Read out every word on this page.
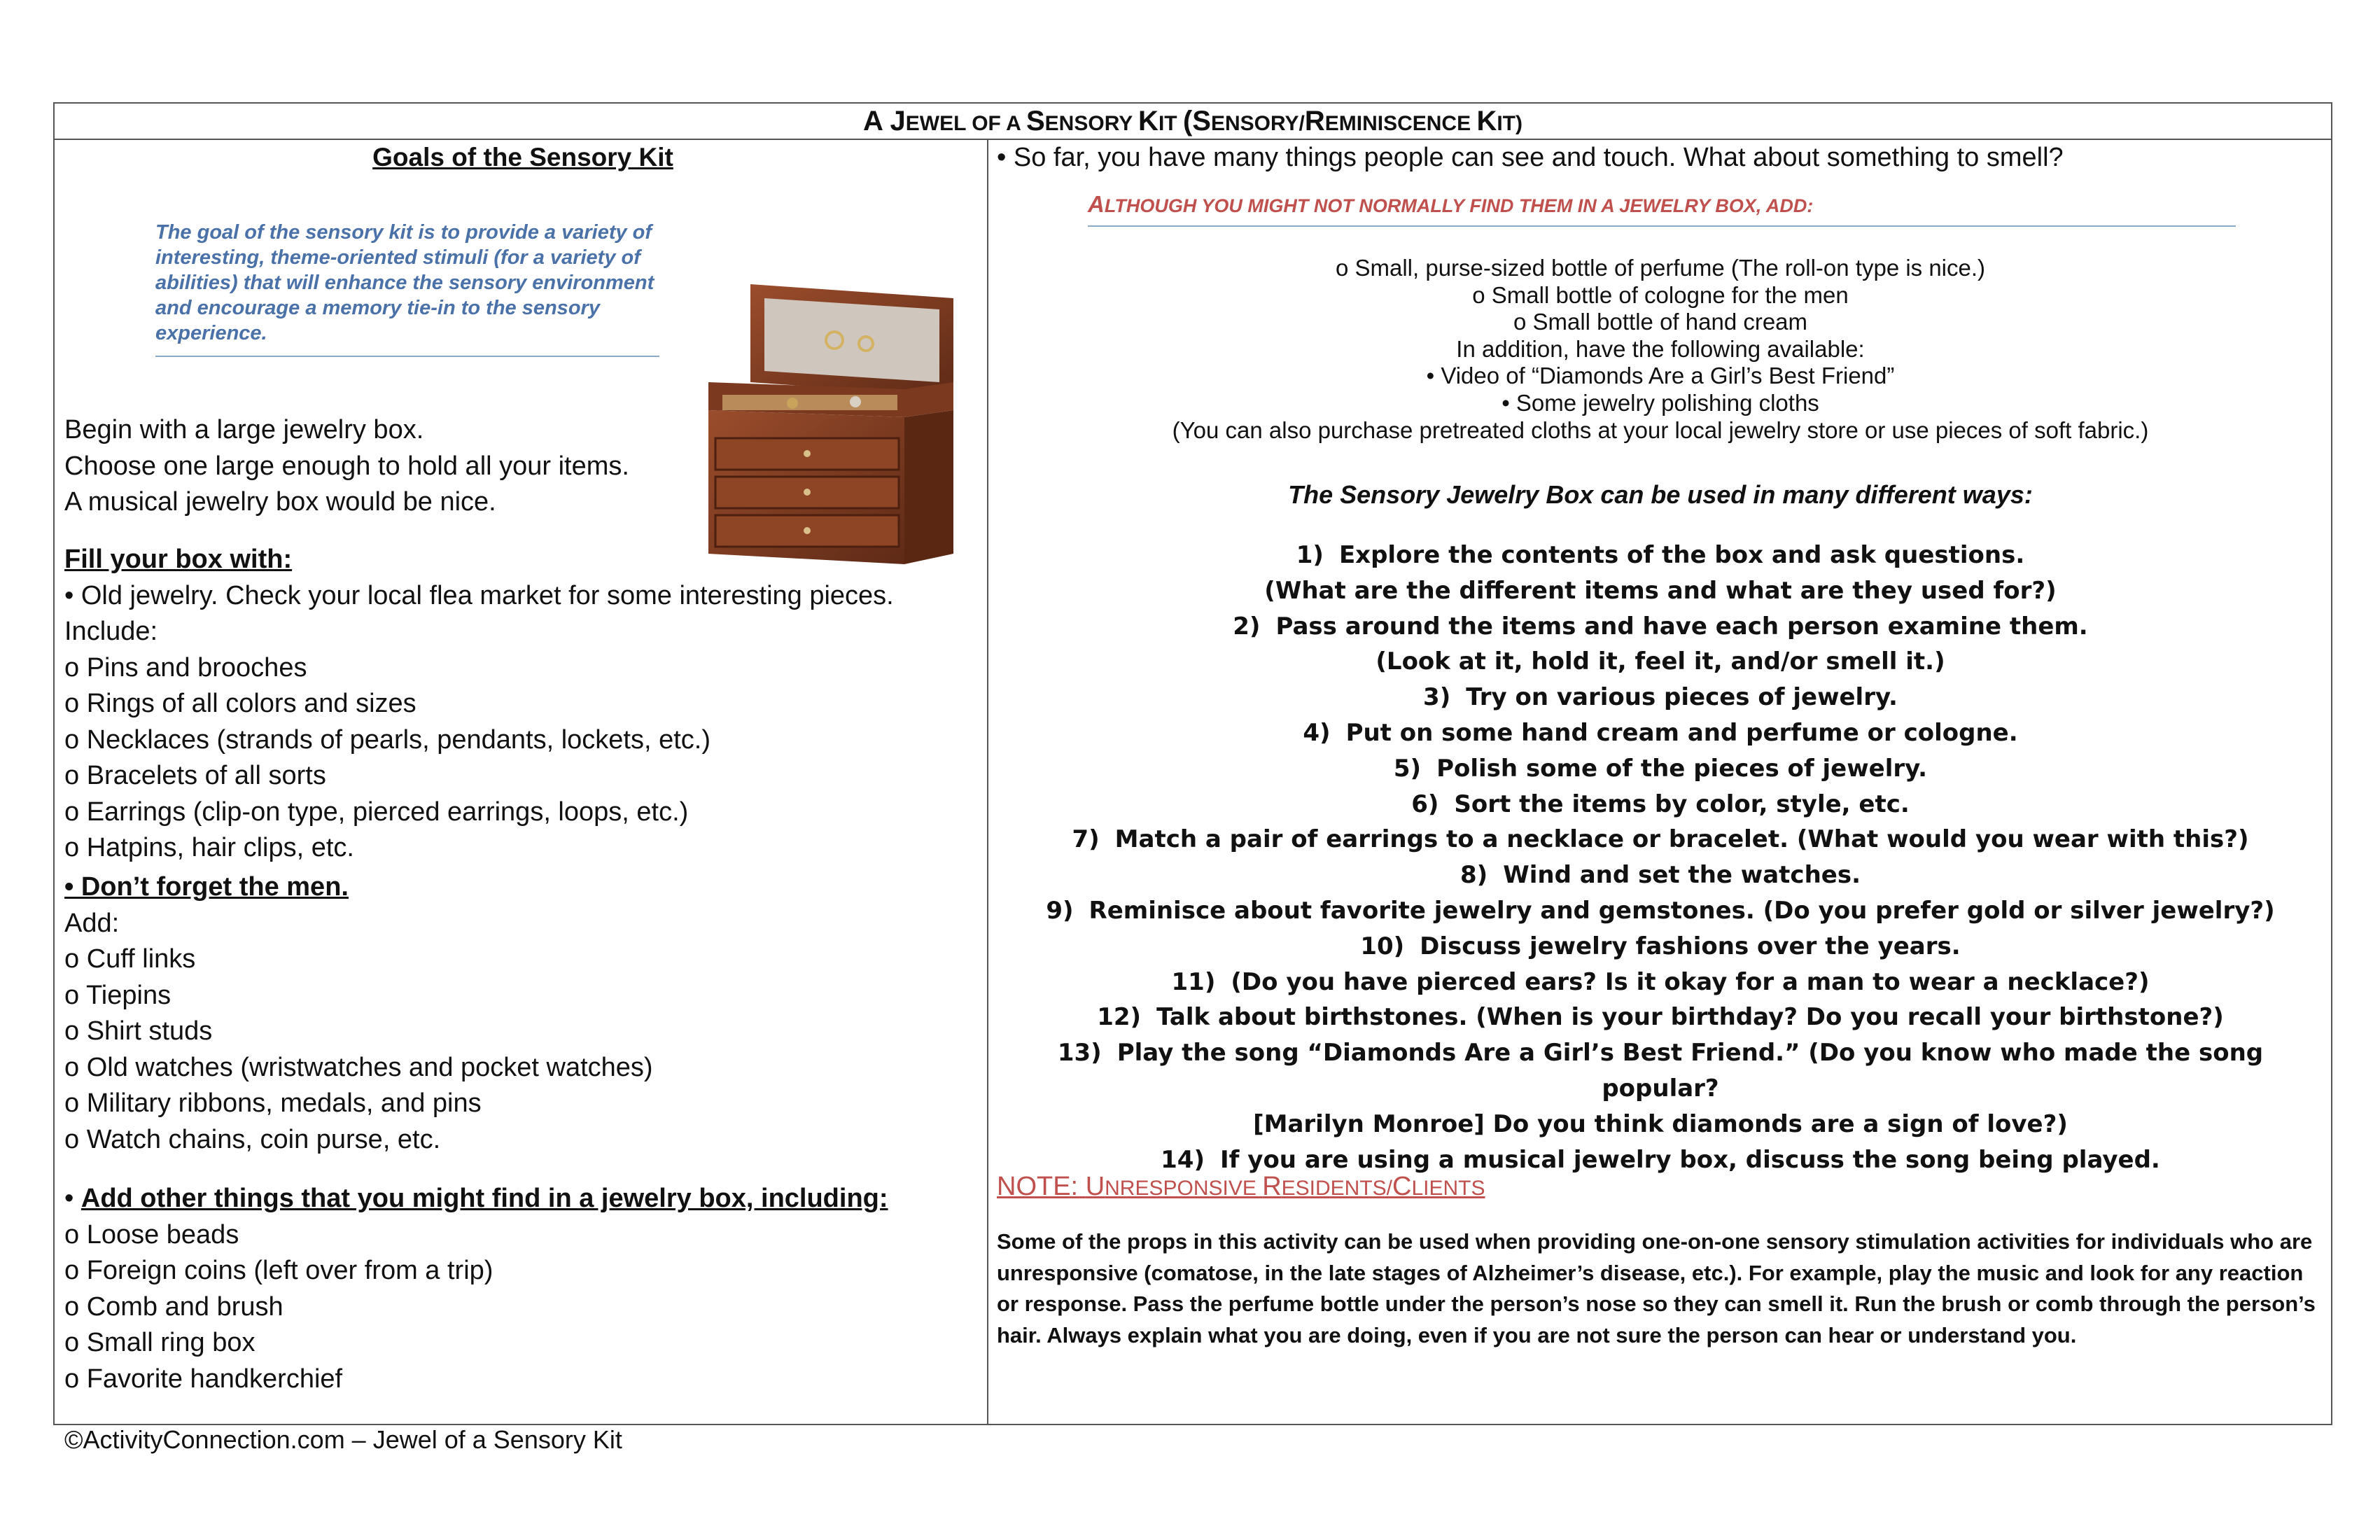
A JEWEL OF A SENSORY KIT (SENSORY/REMINISCENCE KIT)
Goals of the Sensory Kit
The goal of the sensory kit is to provide a variety of interesting, theme-oriented stimuli (for a variety of abilities) that will enhance the sensory environment and encourage a memory tie-in to the sensory experience.
Begin with a large jewelry box.
Choose one large enough to hold all your items.
A musical jewelry box would be nice.
Fill your box with:
• Old jewelry. Check your local flea market for some interesting pieces.
Include:
o Pins and brooches
o Rings of all colors and sizes
o Necklaces (strands of pearls, pendants, lockets, etc.)
o Bracelets of all sorts
o Earrings (clip-on type, pierced earrings, loops, etc.)
o Hatpins, hair clips, etc.
• Don’t forget the men.
Add:
o Cuff links
o Tiepins
o Shirt studs
o Old watches (wristwatches and pocket watches)
o Military ribbons, medals, and pins
o Watch chains, coin purse, etc.
• Add other things that you might find in a jewelry box, including:
o Loose beads
o Foreign coins (left over from a trip)
o Comb and brush
o Small ring box
o Favorite handkerchief
• So far, you have many things people can see and touch. What about something to smell?
ALTHOUGH YOU MIGHT NOT NORMALLY FIND THEM IN A JEWELRY BOX, ADD:
o Small, purse-sized bottle of perfume (The roll-on type is nice.)
o Small bottle of cologne for the men
o Small bottle of hand cream
In addition, have the following available:
• Video of “Diamonds Are a Girl’s Best Friend”
• Some jewelry polishing cloths
(You can also purchase pretreated cloths at your local jewelry store or use pieces of soft fabric.)
The Sensory Jewelry Box can be used in many different ways:
1) Explore the contents of the box and ask questions.
(What are the different items and what are they used for?)
2) Pass around the items and have each person examine them.
(Look at it, hold it, feel it, and/or smell it.)
3) Try on various pieces of jewelry.
4) Put on some hand cream and perfume or cologne.
5) Polish some of the pieces of jewelry.
6) Sort the items by color, style, etc.
7) Match a pair of earrings to a necklace or bracelet. (What would you wear with this?)
8) Wind and set the watches.
9) Reminisce about favorite jewelry and gemstones. (Do you prefer gold or silver jewelry?)
10) Discuss jewelry fashions over the years.
11) (Do you have pierced ears? Is it okay for a man to wear a necklace?)
12) Talk about birthstones. (When is your birthday? Do you recall your birthstone?)
13) Play the song “Diamonds Are a Girl’s Best Friend.” (Do you know who made the song popular?
[Marilyn Monroe] Do you think diamonds are a sign of love?)
14) If you are using a musical jewelry box, discuss the song being played.
NOTE: UNRESPONSIVE RESIDENTS/CLIENTS
Some of the props in this activity can be used when providing one-on-one sensory stimulation activities for individuals who are unresponsive (comatose, in the late stages of Alzheimer’s disease, etc.). For example, play the music and look for any reaction or response. Pass the perfume bottle under the person’s nose so they can smell it. Run the brush or comb through the person’s hair. Always explain what you are doing, even if you are not sure the person can hear or understand you.
©ActivityConnection.com – Jewel of a Sensory Kit
